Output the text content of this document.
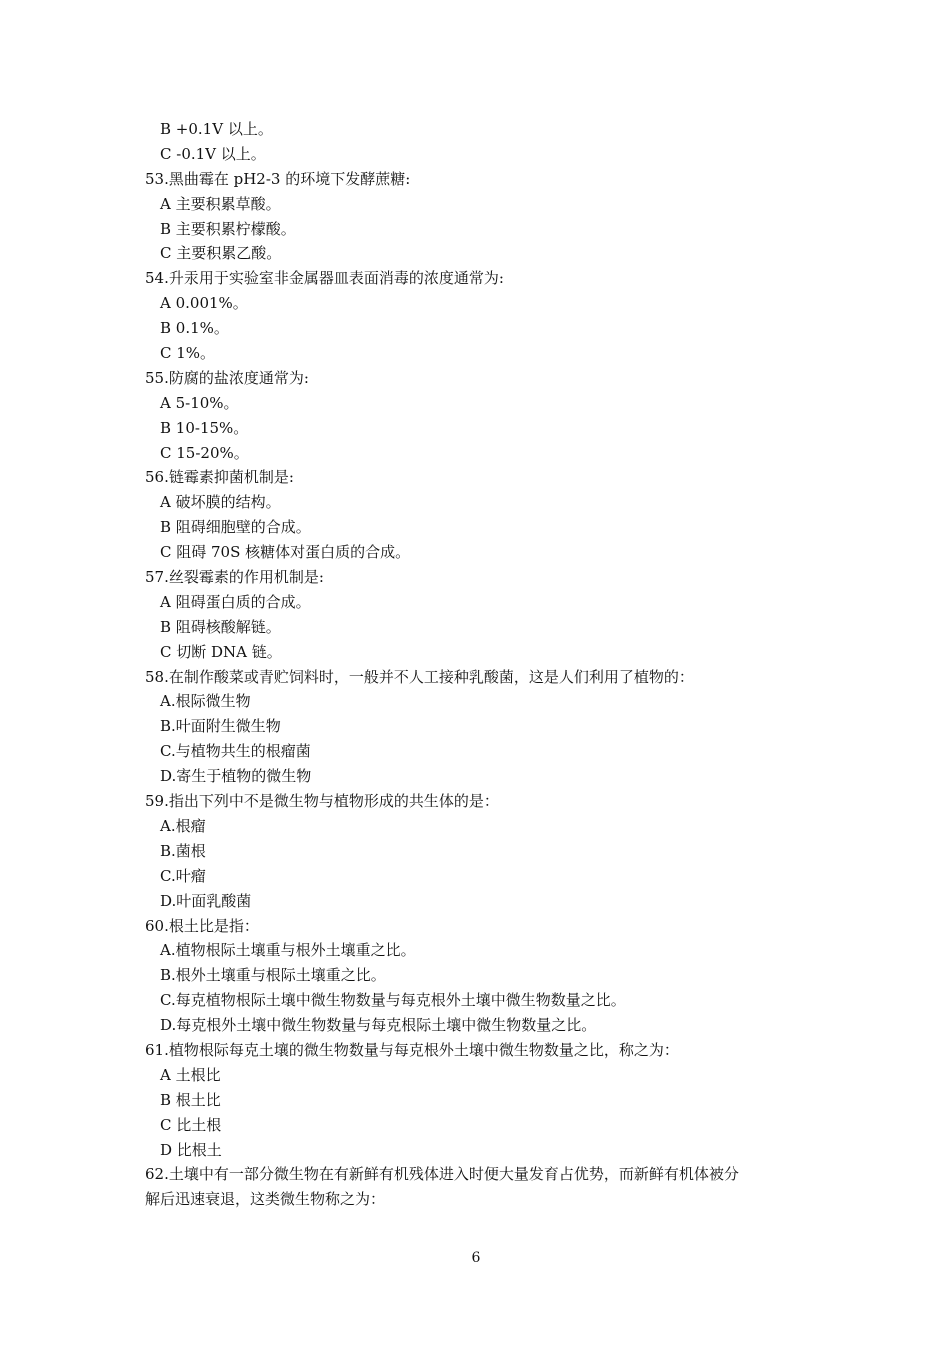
B +0.1V 以上。
C -0.1V 以上。
53.黑曲霉在 pH2-3 的环境下发酵蔗糖:
A 主要积累草酸。
B 主要积累柠檬酸。
C 主要积累乙酸。
54.升汞用于实验室非金属器皿表面消毒的浓度通常为:
A 0.001%。
B 0.1%。
C 1%。
55.防腐的盐浓度通常为:
A 5-10%。
B 10-15%。
C 15-20%。
56.链霉素抑菌机制是:
A 破坏膜的结构。
B 阻碍细胞壁的合成。
C 阻碍 70S 核糖体对蛋白质的合成。
57.丝裂霉素的作用机制是:
A 阻碍蛋白质的合成。
B 阻碍核酸解链。
C 切断 DNA 链。
58.在制作酸菜或青贮饲料时，一般并不人工接种乳酸菌，这是人们利用了植物的：
A.根际微生物
B.叶面附生微生物
C.与植物共生的根瘤菌
D.寄生于植物的微生物
59.指出下列中不是微生物与植物形成的共生体的是：
A.根瘤
B.菌根
C.叶瘤
D.叶面乳酸菌
60.根土比是指：
A.植物根际土壤重与根外土壤重之比。
B.根外土壤重与根际土壤重之比。
C.每克植物根际土壤中微生物数量与每克根外土壤中微生物数量之比。
D.每克根外土壤中微生物数量与每克根际土壤中微生物数量之比。
61.植物根际每克土壤的微生物数量与每克根外土壤中微生物数量之比，称之为：
A 土根比
B 根土比
C 比土根
D 比根土
62.土壤中有一部分微生物在有新鲜有机残体进入时便大量发育占优势，而新鲜有机体被分
解后迅速衰退，这类微生物称之为：
6
